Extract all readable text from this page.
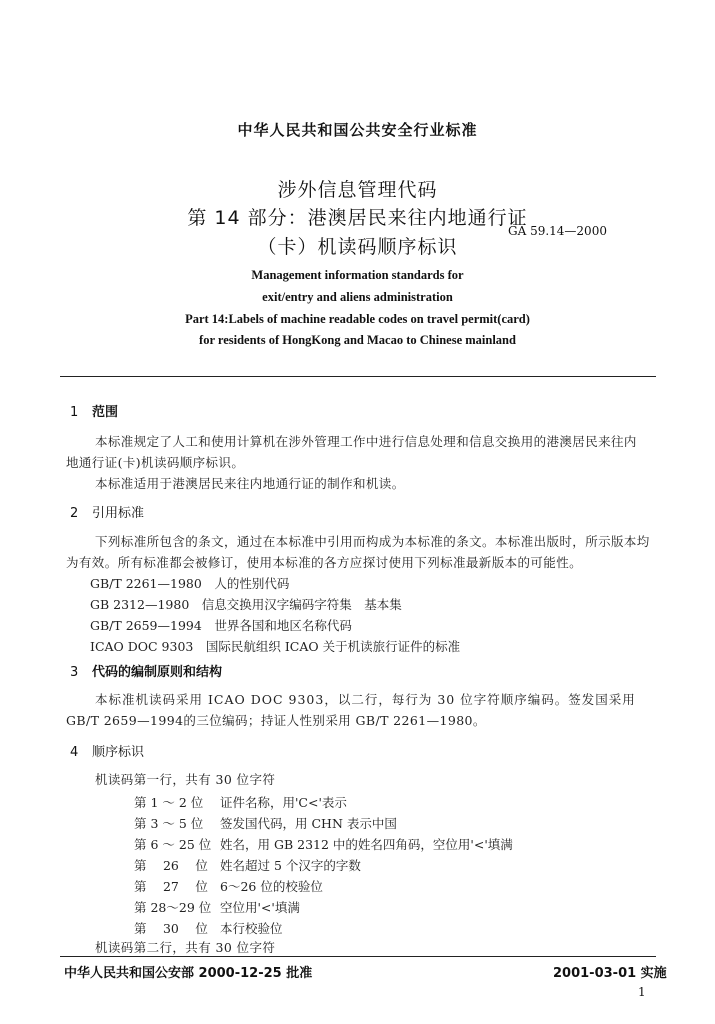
中华人民共和国公共安全行业标准
涉外信息管理代码
第 14 部分：港澳居民来往内地通行证
（卡）机读码顺序标识
GA 59.14—2000
Management information standards for
exit/entry and aliens administration
Part 14:Labels of machine readable codes on travel permit(card)
for residents of HongKong and Macao to Chinese mainland
1 范围
本标准规定了人工和使用计算机在涉外管理工作中进行信息处理和信息交换用的港澳居民来往内
地通行证(卡)机读码顺序标识。
本标准适用于港澳居民来往内地通行证的制作和机读。
2 引用标准
下列标准所包含的条文，通过在本标准中引用而构成为本标准的条文。本标准出版时，所示版本均
为有效。所有标准都会被修订，使用本标准的各方应探讨使用下列标准最新版本的可能性。
GB/T 2261—1980　人的性别代码
GB 2312—1980　信息交换用汉字编码字符集　基本集
GB/T 2659—1994　世界各国和地区名称代码
ICAO DOC 9303　国际民航组织 ICAO 关于机读旅行证件的标准
3 代码的编制原则和结构
本标准机读码采用 ICAO DOC 9303，以二行，每行为 30 位字符顺序编码。签发国采用
GB/T 2659—1994的三位编码；持证人性别采用 GB/T 2261—1980。
4 顺序标识
机读码第一行，共有 30 位字符
第 1 ～ 2 位 证件名称，用'C<'表示
第 3 ～ 5 位 签发国代码，用 CHN 表示中国
第 6 ～ 25 位 姓名，用 GB 2312 中的姓名四角码，空位用'<'填满
第　 26　 位 姓名超过 5 个汉字的字数
第　 27　 位 6～26 位的校验位
第 28～29 位 空位用'<'填满
第　 30　 位 本行校验位
机读码第二行，共有 30 位字符
中华人民共和国公安部 2000-12-25 批准	2001-03-01 实施
1
